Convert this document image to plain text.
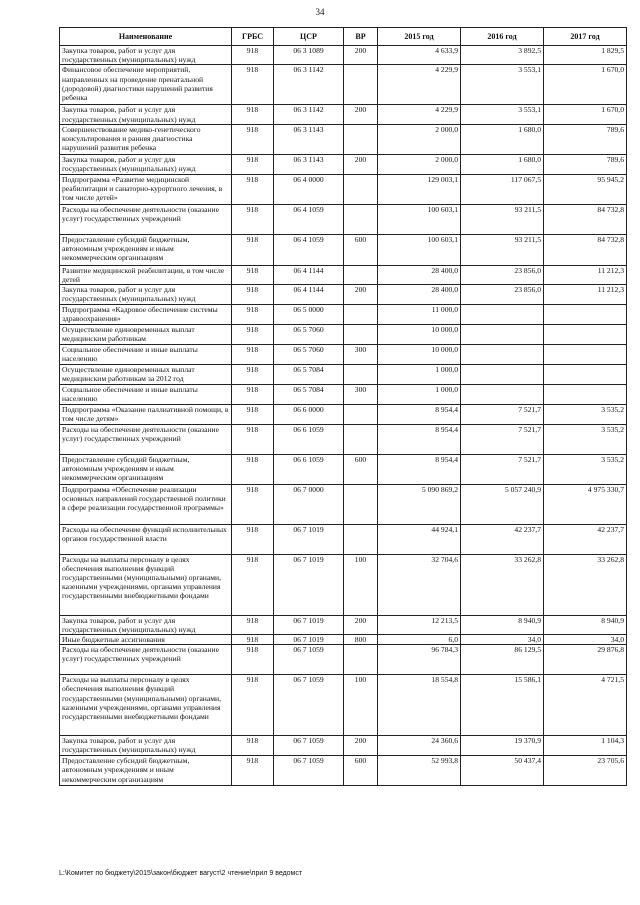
34
Наименование	ГРБС	ЦСР	ВР	2015 год	2016 год	2017 год
Закупка товаров, работ и услуг для государственных (муниципальных) нужд	918	06 3 1089	200	4 633,9	3 892,5	1 829,5
Финансовое обеспечение мероприятий, направленных на проведение пренатальной (дородовой) диагностики нарушений развития ребенка	918	06 3 1142		4 229,9	3 553,1	1 670,0
Закупка товаров, работ и услуг для государственных (муниципальных) нужд	918	06 3 1142	200	4 229,9	3 553,1	1 670,0
Совершенствование медико-генетического консультирования и ранняя диагностика нарушений развития ребенка	918	06 3 1143		2 000,0	1 680,0	789,6
Закупка товаров, работ и услуг для государственных (муниципальных) нужд	918	06 3 1143	200	2 000,0	1 680,0	789,6
Подпрограмма «Развитие медицинской реабилитации и санаторно-курортного лечения, в том числе детей»	918	06 4 0000		129 003,1	117 067,5	95 945,2
Расходы на обеспечение деятельности (оказание услуг) государственных учреждений	918	06 4 1059		100 603,1	93 211,5	84 732,8
Предоставление субсидий бюджетным, автономным учреждениям и иным некоммерческим организациям	918	06 4 1059	600	100 603,1	93 211,5	84 732,8
Развитие медицинской реабилитации, в том числе детей	918	06 4 1144		28 400,0	23 856,0	11 212,3
Закупка товаров, работ и услуг для государственных (муниципальных) нужд	918	06 4 1144	200	28 400,0	23 856,0	11 212,3
Подпрограмма «Кадровое обеспечение системы здравоохранения»	918	06 5 0000		11 000,0		
Осуществление единовременных выплат медицинским работникам	918	06 5 7060		10 000,0		
Социальное обеспечение и иные выплаты населению	918	06 5 7060	300	10 000,0		
Осуществление единовременных выплат медицинским работникам за 2012 год	918	06 5 7084		1 000,0		
Социальное обеспечение и иные выплаты населению	918	06 5 7084	300	1 000,0		
Подпрограмма «Оказание паллиативной помощи, в том числе детям»	918	06 6 0000		8 954,4	7 521,7	3 535,2
Расходы на обеспечение деятельности (оказание услуг) государственных учреждений	918	06 6 1059		8 954,4	7 521,7	3 535,2
Предоставление субсидий бюджетным, автономным учреждениям и иным некоммерческим организациям	918	06 6 1059	600	8 954,4	7 521,7	3 535,2
Подпрограмма «Обеспечение реализации основных направлений государственной политики в сфере реализации государственной программы»	918	06 7 0000		5 090 869,2	5 057 240,9	4 975 330,7
Расходы на обеспечение функций исполнительных органов государственной власти	918	06 7 1019		44 924,1	42 237,7	42 237,7
Расходы на выплаты персоналу в целях обеспечения выполнения функций государственными (муниципальными) органами, казенными учреждениями, органами управления государственными внебюджетными фондами	918	06 7 1019	100	32 704,6	33 262,8	33 262,8
Закупка товаров, работ и услуг для государственных (муниципальных) нужд	918	06 7 1019	200	12 213,5	8 940,9	8 940,9
Иные бюджетные ассигнования	918	06 7 1019	800	6,0	34,0	34,0
Расходы на обеспечение деятельности (оказание услуг) государственных учреждений	918	06 7 1059		96 784,3	86 129,5	29 876,8
Расходы на выплаты персоналу в целях обеспечения выполнения функций государственными (муниципальными) органами, казенными учреждениями, органами управления государственными внебюджетными фондами	918	06 7 1059	100	18 554,8	15 586,1	4 721,5
Закупка товаров, работ и услуг для государственных (муниципальных) нужд	918	06 7 1059	200	24 360,6	19 370,9	1 104,3
Предоставление субсидий бюджетным, автономным учреждениям и иным некоммерческим организациям	918	06 7 1059	600	52 993,8	50 437,4	23 705,6
L:\Комитет по бюджету\2015\закон\бюджет вагуст\2 чтение\прил 9 ведомст
